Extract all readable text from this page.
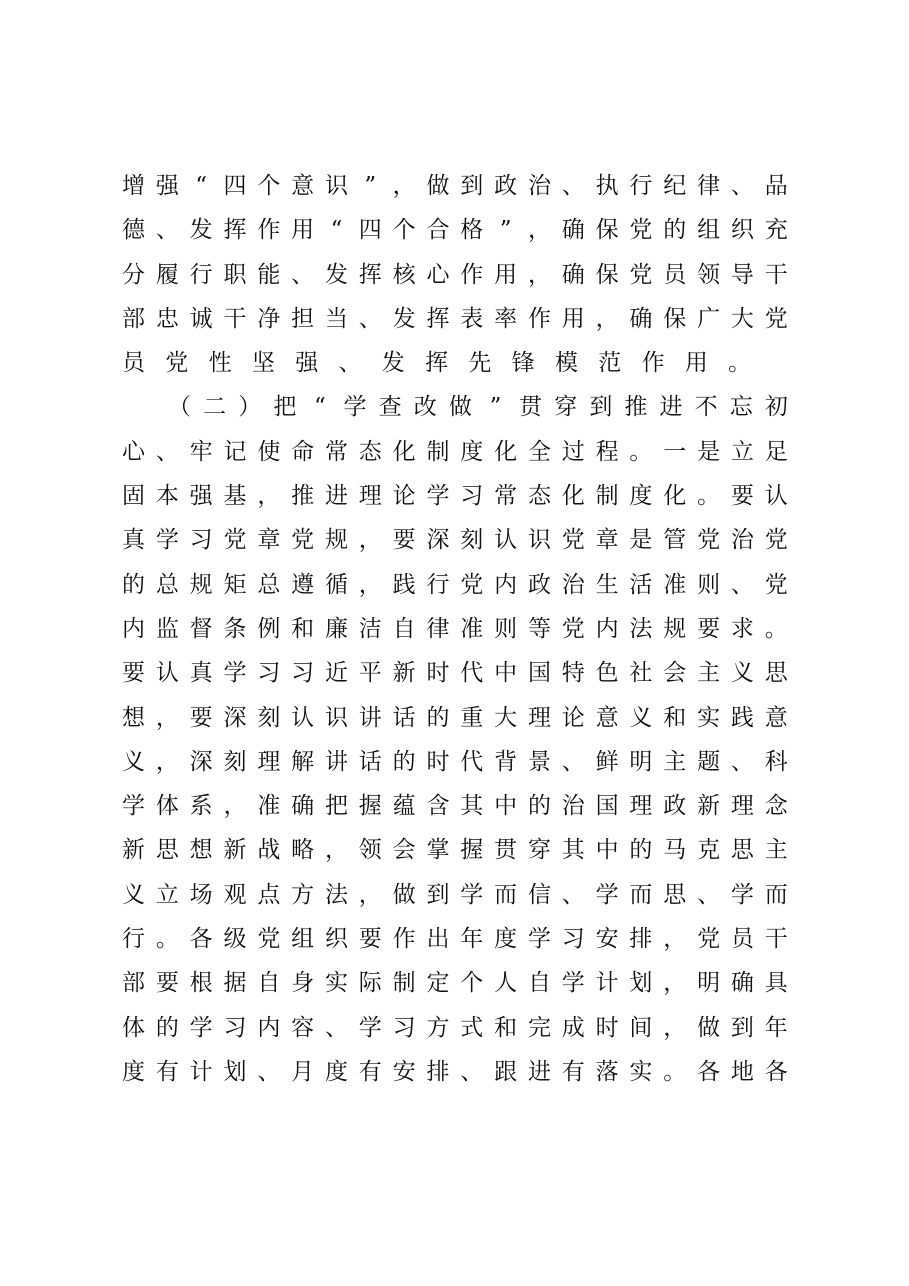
增 强 “ 四 个 意 识 ” ， 做 到 政 治 、 执 行 纪 律 、 品
德 、 发 挥 作 用 “ 四 个 合 格 ” ， 确 保 党 的 组 织 充
分 履 行 职 能 、 发 挥 核 心 作 用 ， 确 保 党 员 领 导 干
部 忠 诚 干 净 担 当 、 发 挥 表 率 作 用 ， 确 保 广 大 党
员 党 性 坚 强 、 发 挥 先 锋 模 范 作 用 。
（ 二 ） 把 “ 学 查 改 做 ” 贯 穿 到 推 进 不 忘 初
心 、 牢 记 使 命 常 态 化 制 度 化 全 过 程 。 一 是 立 足
固 本 强 基 ， 推 进 理 论 学 习 常 态 化 制 度 化 。 要 认
真 学 习 党 章 党 规 ， 要 深 刻 认 识 党 章 是 管 党 治 党
的 总 规 矩 总 遵 循 ， 践 行 党 内 政 治 生 活 准 则 、 党
内 监 督 条 例 和 廉 洁 自 律 准 则 等 党 内 法 规 要 求 。
要 认 真 学 习 习 近 平 新 时 代 中 国 特 色 社 会 主 义 思
想 ， 要 深 刻 认 识 讲 话 的 重 大 理 论 意 义 和 实 践 意
义 ， 深 刻 理 解 讲 话 的 时 代 背 景 、 鲜 明 主 题 、 科
学 体 系 ， 准 确 把 握 蕴 含 其 中 的 治 国 理 政 新 理 念
新 思 想 新 战 略 ， 领 会 掌 握 贯 穿 其 中 的 马 克 思 主
义 立 场 观 点 方 法 ， 做 到 学 而 信 、 学 而 思 、 学 而
行 。 各 级 党 组 织 要 作 出 年 度 学 习 安 排 ， 党 员 干
部 要 根 据 自 身 实 际 制 定 个 人 自 学 计 划 ， 明 确 具
体 的 学 习 内 容 、 学 习 方 式 和 完 成 时 间 ， 做 到 年
度 有 计 划 、 月 度 有 安 排 、 跟 进 有 落 实 。 各 地 各
